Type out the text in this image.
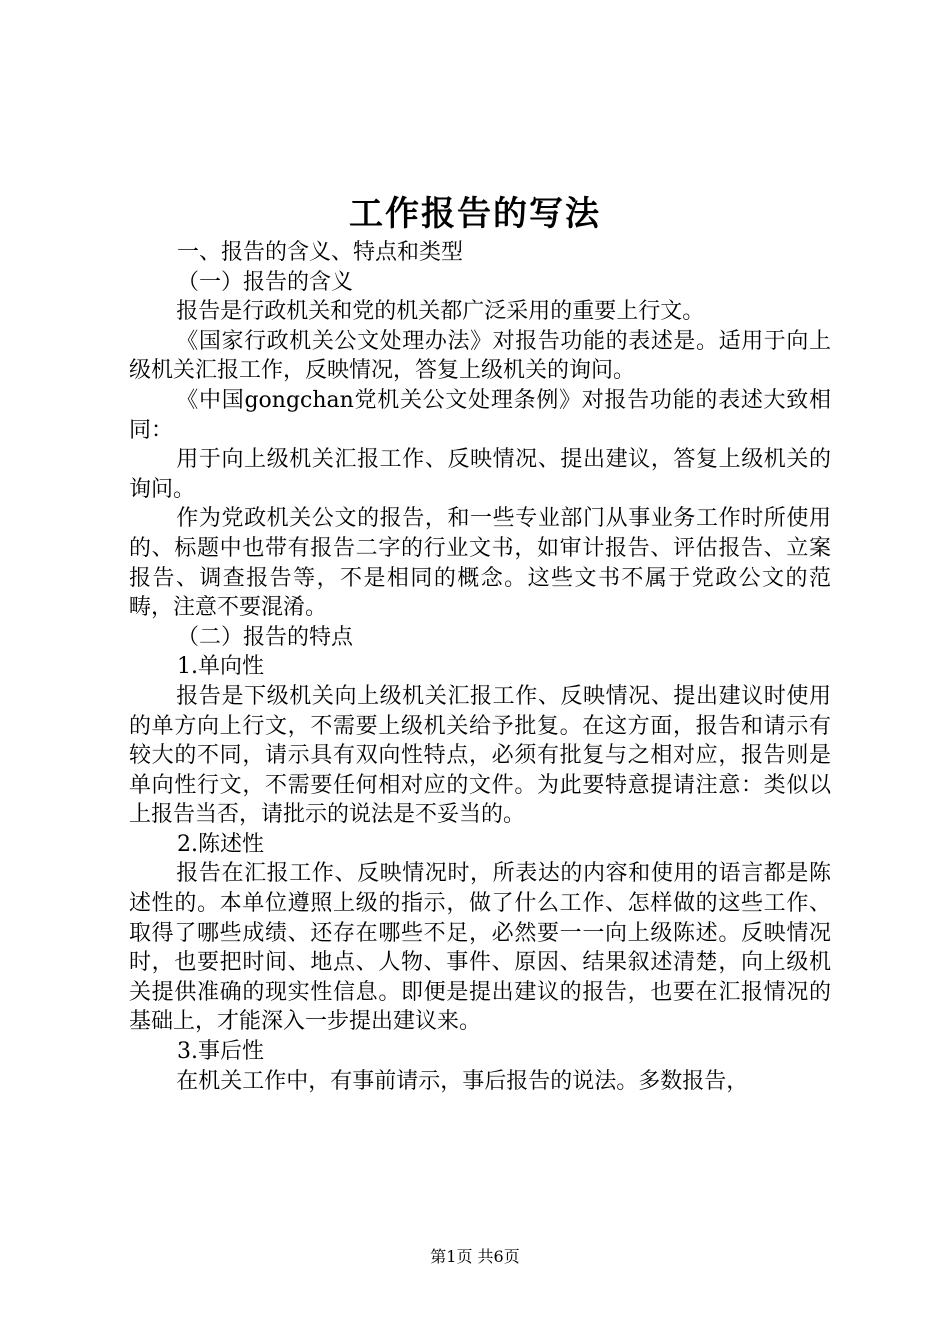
工作报告的写法

一、报告的含义、特点和类型

（一）报告的含义

报告是行政机关和党的机关都广泛采用的重要上行文。

《国家行政机关公文处理办法》对报告功能的表述是。适用于向上级机关汇报工作，反映情况，答复上级机关的询问。

《中国gongchan党机关公文处理条例》对报告功能的表述大致相同：

用于向上级机关汇报工作、反映情况、提出建议，答复上级机关的询问。

作为党政机关公文的报告，和一些专业部门从事业务工作时所使用的、标题中也带有报告二字的行业文书，如审计报告、评估报告、立案报告、调查报告等，不是相同的概念。这些文书不属于党政公文的范畴，注意不要混淆。

（二）报告的特点

1.单向性

报告是下级机关向上级机关汇报工作、反映情况、提出建议时使用的单方向上行文，不需要上级机关给予批复。在这方面，报告和请示有较大的不同，请示具有双向性特点，必须有批复与之相对应，报告则是单向性行文，不需要任何相对应的文件。为此要特意提请注意：类似以上报告当否，请批示的说法是不妥当的。

2.陈述性

报告在汇报工作、反映情况时，所表达的内容和使用的语言都是陈述性的。本单位遵照上级的指示，做了什么工作、怎样做的这些工作、取得了哪些成绩、还存在哪些不足，必然要一一向上级陈述。反映情况时，也要把时间、地点、人物、事件、原因、结果叙述清楚，向上级机关提供准确的现实性信息。即便是提出建议的报告，也要在汇报情况的基础上，才能深入一步提出建议来。

3.事后性

在机关工作中，有事前请示，事后报告的说法。多数报告，

第1页 共6页
